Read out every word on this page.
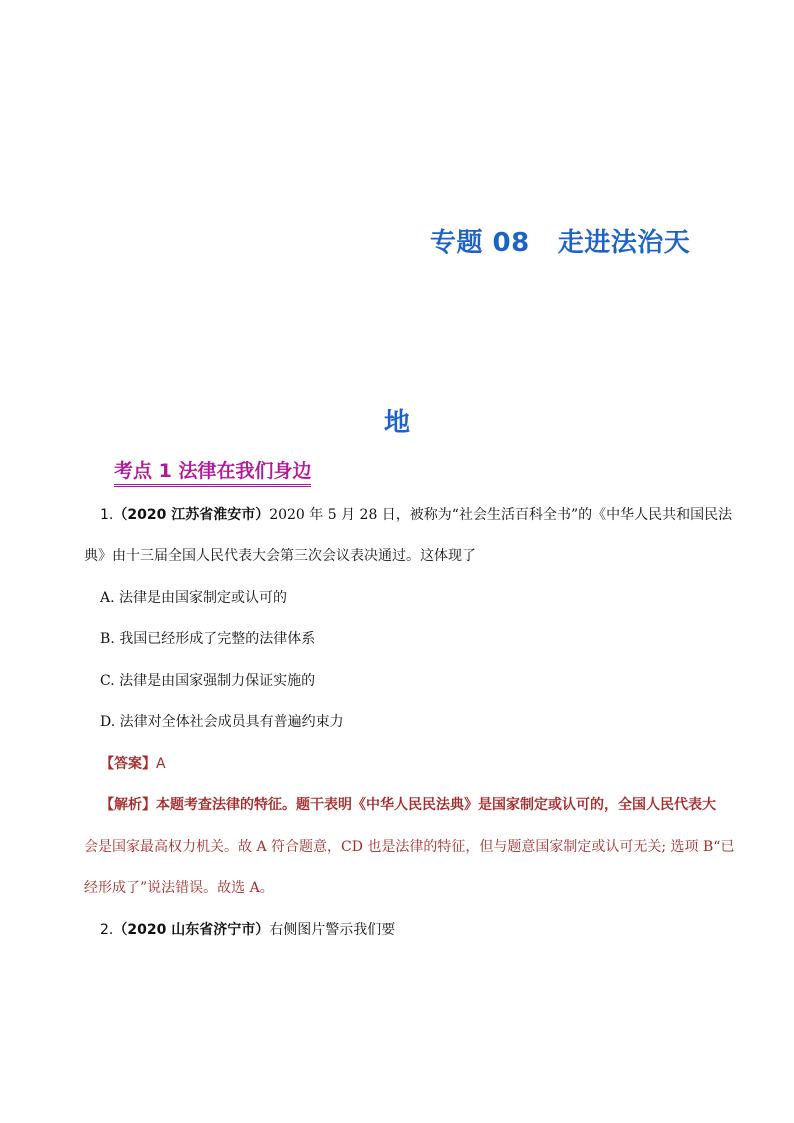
专题 08 走进法治天
地
考点 1 法律在我们身边
1.（2020 江苏省淮安市）2020 年 5 月 28 日，被称为“社会生活百科全书”的《中华人民共和国民法
典》由十三届全国人民代表大会第三次会议表决通过。这体现了
A. 法律是由国家制定或认可的
B. 我国已经形成了完整的法律体系
C. 法律是由国家强制力保证实施的
D. 法律对全体社会成员具有普遍约束力
【答案】A
【解析】本题考查法律的特征。题干表明《中华人民民法典》是国家制定或认可的，全国人民代表大
会是国家最高权力机关。故 A 符合题意，CD 也是法律的特征，但与题意国家制定或认可无关; 选项 B“已
经形成了”说法错误。故选 A。
2.（2020 山东省济宁市）右侧图片警示我们要
